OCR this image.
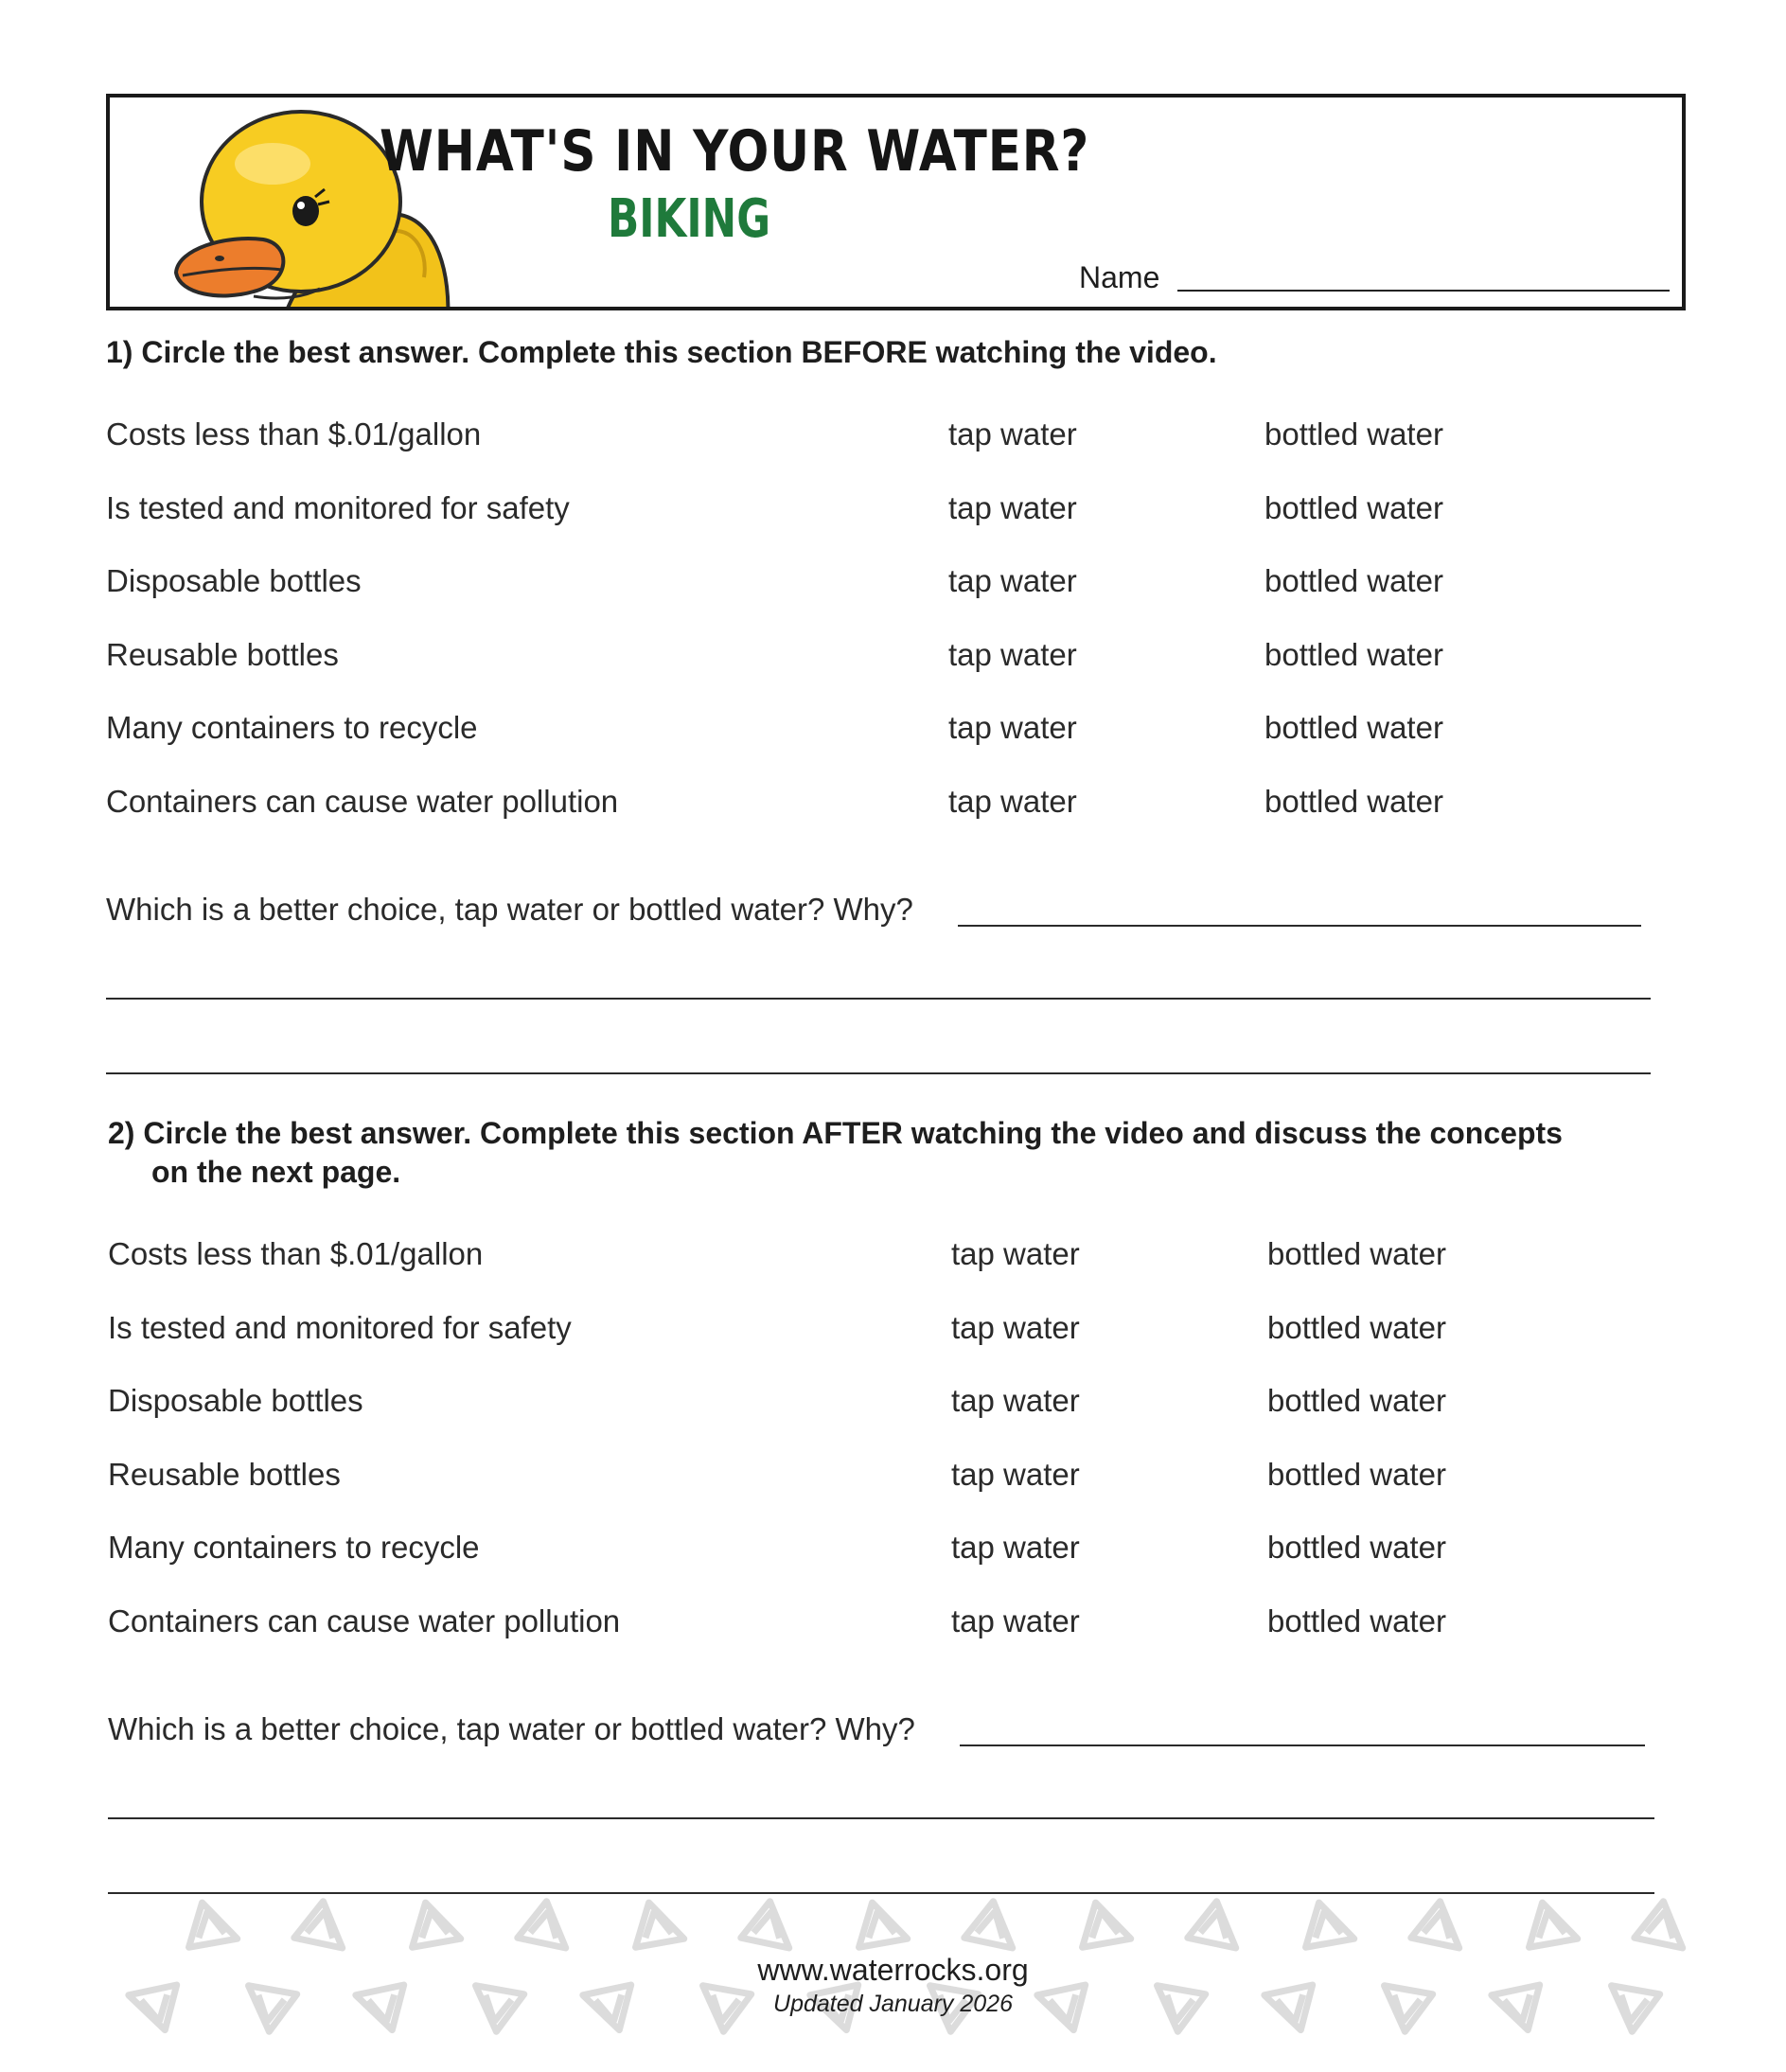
WHAT'S IN YOUR WATER?
BIKING
Name

1) Circle the best answer. Complete this section BEFORE watching the video.

Costs less than $.01/gallon	tap water	bottled water
Is tested and monitored for safety	tap water	bottled water
Disposable bottles	tap water	bottled water
Reusable bottles	tap water	bottled water
Many containers to recycle	tap water	bottled water
Containers can cause water pollution	tap water	bottled water
Which is a better choice, tap water or bottled water? Why?

2) Circle the best answer. Complete this section AFTER watching the video and discuss the concepts

on the next page.

Costs less than $.01/gallon	tap water	bottled water
Is tested and monitored for safety	tap water	bottled water
Disposable bottles	tap water	bottled water
Reusable bottles	tap water	bottled water
Many containers to recycle	tap water	bottled water
Containers can cause water pollution	tap water	bottled water
Which is a better choice, tap water or bottled water? Why?
www.waterrocks.org
Updated January 2026
